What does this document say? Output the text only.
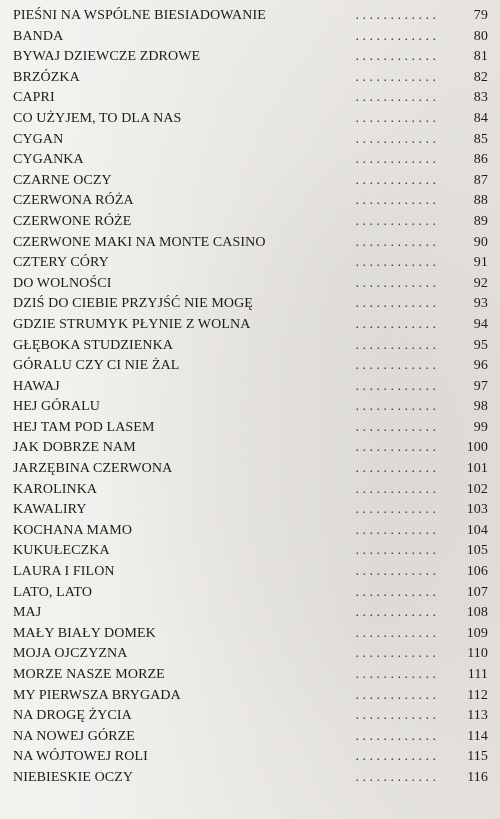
PIEŚNI NA WSPÓLNE BIESIADOWANIE	. . . . . . . . . . . .	79
BANDA	. . . . . . . . . . . .	80
BYWAJ DZIEWCZE ZDROWE	. . . . . . . . . . . .	81
BRZÓZKA	. . . . . . . . . . . .	82
CAPRI	. . . . . . . . . . . .	83
CO UŻYJEM, TO DLA NAS	. . . . . . . . . . . .	84
CYGAN	. . . . . . . . . . . .	85
CYGANKA	. . . . . . . . . . . .	86
CZARNE OCZY	. . . . . . . . . . . .	87
CZERWONA RÓŻA	. . . . . . . . . . . .	88
CZERWONE RÓŻE	. . . . . . . . . . . .	89
CZERWONE MAKI NA MONTE CASINO	. . . . . . . . . . . .	90
CZTERY CÓRY	. . . . . . . . . . . .	91
DO WOLNOŚCI	. . . . . . . . . . . .	92
DZIŚ DO CIEBIE PRZYJŚĆ NIE MOGĘ	. . . . . . . . . . . .	93
GDZIE STRUMYK PŁYNIE Z WOLNA	. . . . . . . . . . . .	94
GŁĘBOKA STUDZIENKA	. . . . . . . . . . . .	95
GÓRALU CZY CI NIE ŻAL	. . . . . . . . . . . .	96
HAWAJ	. . . . . . . . . . . .	97
HEJ GÓRALU	. . . . . . . . . . . .	98
HEJ TAM POD LASEM	. . . . . . . . . . . .	99
JAK DOBRZE NAM	. . . . . . . . . . . .	100
JARZĘBINA CZERWONA	. . . . . . . . . . . .	101
KAROLINKA	. . . . . . . . . . . .	102
KAWALIRY	. . . . . . . . . . . .	103
KOCHANA MAMO	. . . . . . . . . . . .	104
KUKUŁECZKA	. . . . . . . . . . . .	105
LAURA I FILON	. . . . . . . . . . . .	106
LATO, LATO	. . . . . . . . . . . .	107
MAJ	. . . . . . . . . . . .	108
MAŁY BIAŁY DOMEK	. . . . . . . . . . . .	109
MOJA OJCZYZNA	. . . . . . . . . . . .	110
MORZE NASZE MORZE	. . . . . . . . . . . .	111
MY PIERWSZA BRYGADA	. . . . . . . . . . . .	112
NA DROGĘ ŻYCIA	. . . . . . . . . . . .	113
NA NOWEJ GÓRZE	. . . . . . . . . . . .	114
NA WÓJTOWEJ ROLI	. . . . . . . . . . . .	115
NIEBIESKIE OCZY	. . . . . . . . . . . .	116
